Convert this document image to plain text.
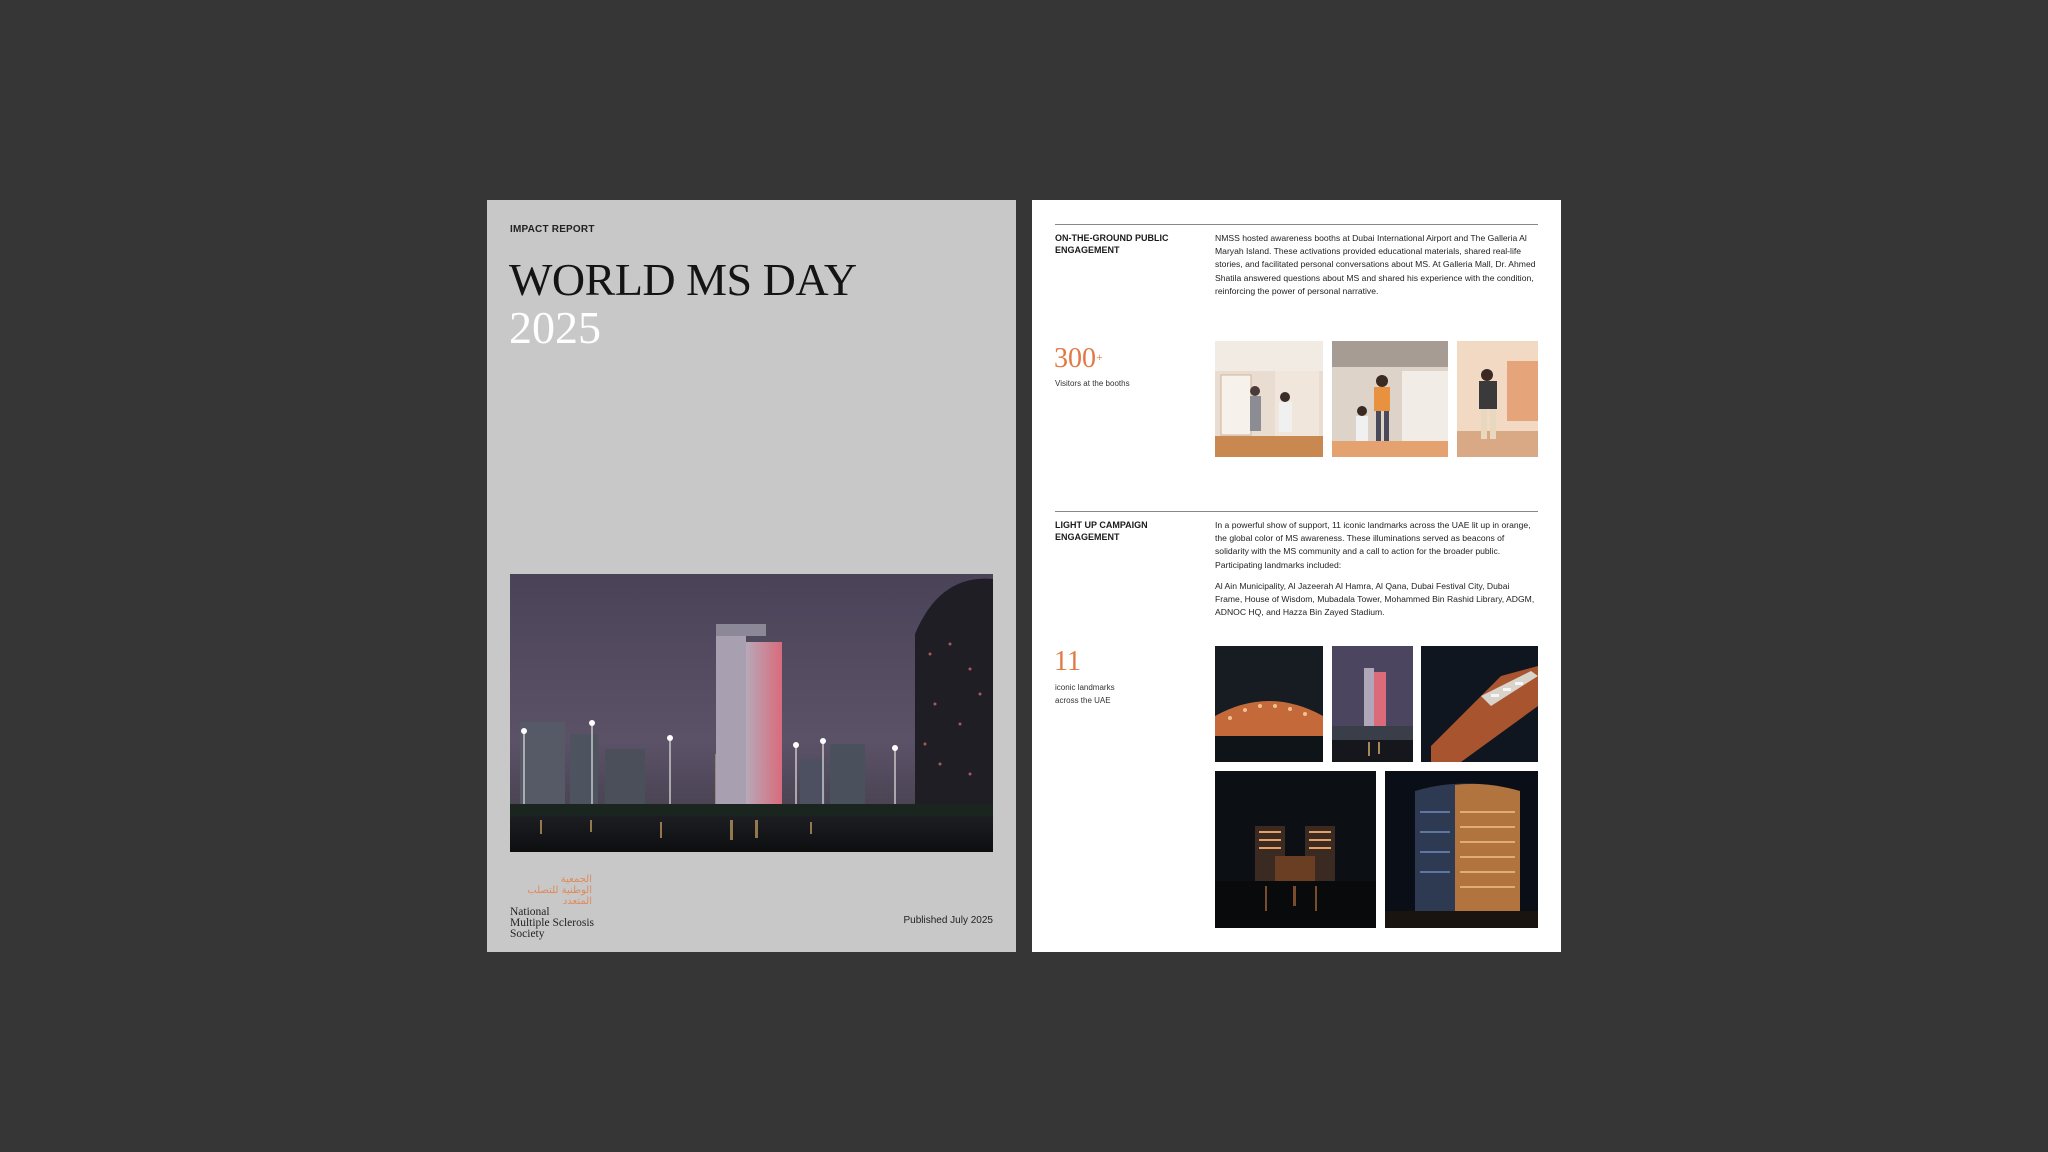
IMPACT REPORT
WORLD MS DAY
2025
الجمعية
الوطنية للتصلب
المتعدد
National
Multiple Sclerosis
Society
Published July 2025
ON-THE-GROUND PUBLIC ENGAGEMENT

NMSS hosted awareness booths at Dubai International Airport and The Galleria Al Maryah Island. These activations provided educational materials, shared real-life stories, and facilitated personal conversations about MS. At Galleria Mall, Dr. Ahmed Shatila answered questions about MS and shared his experience with the condition, reinforcing the power of personal narrative.

300+
Visitors at the booths
LIGHT UP CAMPAIGN ENGAGEMENT

In a powerful show of support, 11 iconic landmarks across the UAE lit up in orange, the global color of MS awareness. These illuminations served as beacons of solidarity with the MS community and a call to action for the broader public. Participating landmarks included:

Al Ain Municipality, Al Jazeerah Al Hamra, Al Qana, Dubai Festival City, Dubai Frame, House of Wisdom, Mubadala Tower, Mohammed Bin Rashid Library, ADGM, ADNOC HQ, and Hazza Bin Zayed Stadium.

11
iconic landmarks
across the UAE
